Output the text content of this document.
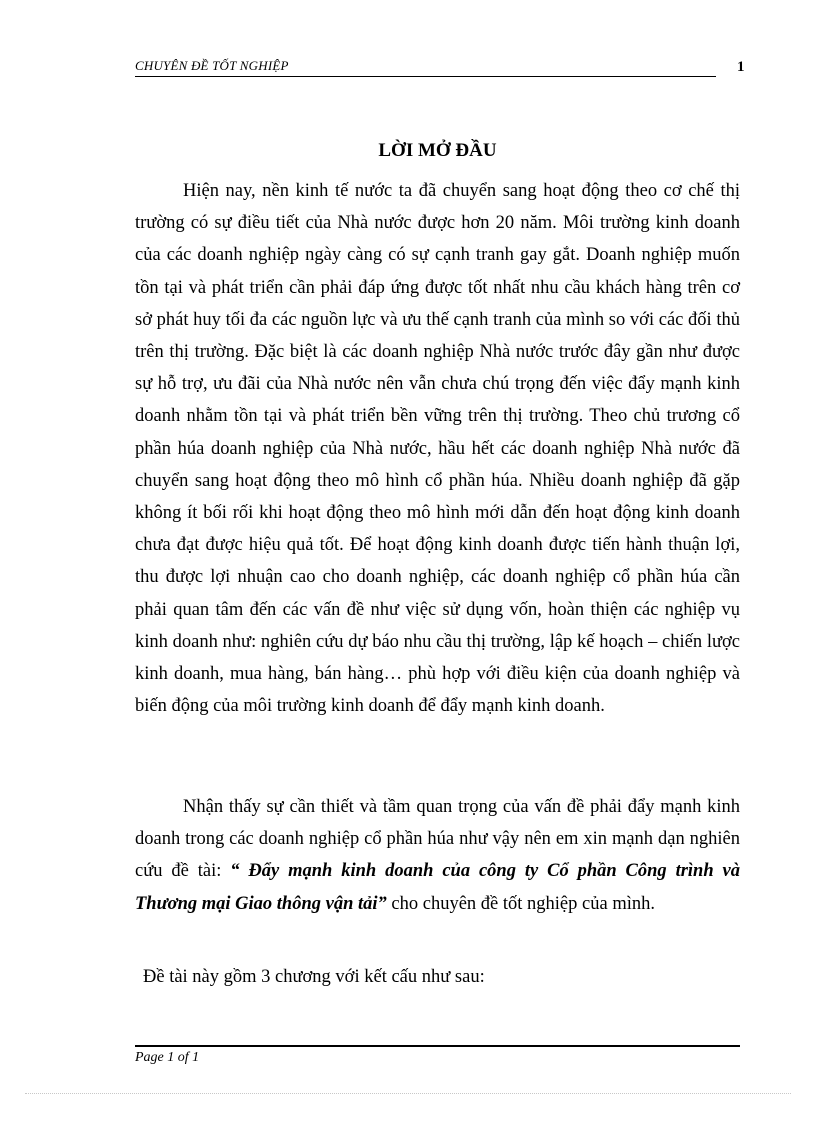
CHUYÊN ĐỀ TỐT NGHIỆP	1
LỜI MỞ ĐẦU
Hiện nay, nền kinh tế nước ta đã chuyển sang hoạt động theo cơ chế thị trường có sự điều tiết của Nhà nước được hơn 20 năm. Môi trường kinh doanh của các doanh nghiệp ngày càng có sự cạnh tranh gay gắt. Doanh nghiệp muốn tồn tại và phát triển cần phải đáp ứng được tốt nhất nhu cầu khách hàng trên cơ sở phát huy tối đa các nguồn lực và ưu thế cạnh tranh của mình so với các đối thủ trên thị trường. Đặc biệt là các doanh nghiệp Nhà nước trước đây gần như được sự hỗ trợ, ưu đãi của Nhà nước nên vẫn chưa chú trọng đến việc đẩy mạnh kinh doanh nhằm tồn tại và phát triển bền vững trên thị trường. Theo chủ trương cổ phần húa doanh nghiệp của Nhà nước, hầu hết các doanh nghiệp Nhà nước đã chuyển sang hoạt động theo mô hình cổ phần húa. Nhiều doanh nghiệp đã gặp không ít bối rối khi hoạt động theo mô hình mới dẫn đến hoạt động kinh doanh chưa đạt được hiệu quả tốt. Để hoạt động kinh doanh được tiến hành thuận lợi, thu được lợi nhuận cao cho doanh nghiệp, các doanh nghiệp cổ phần húa cần phải quan tâm đến các vấn đề như việc sử dụng vốn, hoàn thiện các nghiệp vụ kinh doanh như: nghiên cứu dự báo nhu cầu thị trường, lập kế hoạch – chiến lược kinh doanh, mua hàng, bán hàng… phù hợp với điều kiện của doanh nghiệp và biến động của môi trường kinh doanh để đẩy mạnh kinh doanh.
Nhận thấy sự cần thiết và tầm quan trọng của vấn đề phải đẩy mạnh kinh doanh trong các doanh nghiệp cổ phần húa như vậy nên em xin mạnh dạn nghiên cứu đề tài: “ Đẩy mạnh kinh doanh của công ty Cổ phần Công trình và Thương mại Giao thông vận tải” cho chuyên đề tốt nghiệp của mình.
Đề tài này gồm 3 chương với kết cấu như sau:
Page 1 of 1
